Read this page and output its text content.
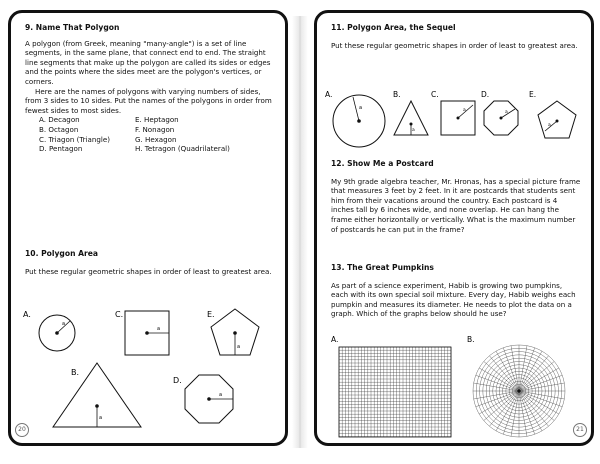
9. Name That Polygon

A polygon (from Greek, meaning "many-angle") is a set of line segments, in the same plane, that connect end to end. The straight line segments that make up the polygon are called its sides or edges and the points where the sides meet are the polygon's vertices, or corners.

Here are the names of polygons with varying numbers of sides, from 3 sides to 10 sides. Put the names of the polygons in order from fewest sides to most sides.

A. Decagon	E. Heptagon
B. Octagon	F. Nonagon
C. Triagon (Triangle)	G. Hexagon
D. Pentagon	H. Tetragon (Quadrilateral)

10. Polygon Area

Put these regular geometric shapes in order of least to greatest area.

A.
a
C.
a
E.
a
B.
a
D.
a
20

11. Polygon Area, the Sequel

Put these regular geometric shapes in order of least to greatest area.

A.
a
B.
a
C.
a
D.
a
E.
a

12. Show Me a Postcard

My 9th grade algebra teacher, Mr. Hronas, has a special picture frame that measures 3 feet by 2 feet. In it are postcards that students sent him from their vacations around the country. Each postcard is 4 inches tall by 6 inches wide, and none overlap. He can hang the frame either horizontally or vertically. What is the maximum number of postcards he can put in the frame?

13. The Great Pumpkins

As part of a science experiment, Habib is growing two pumpkins, each with its own special soil mixture. Every day, Habib weighs each pumpkin and measures its diameter. He needs to plot the data on a graph. Which of the graphs below should he use?

A.	B.
21
